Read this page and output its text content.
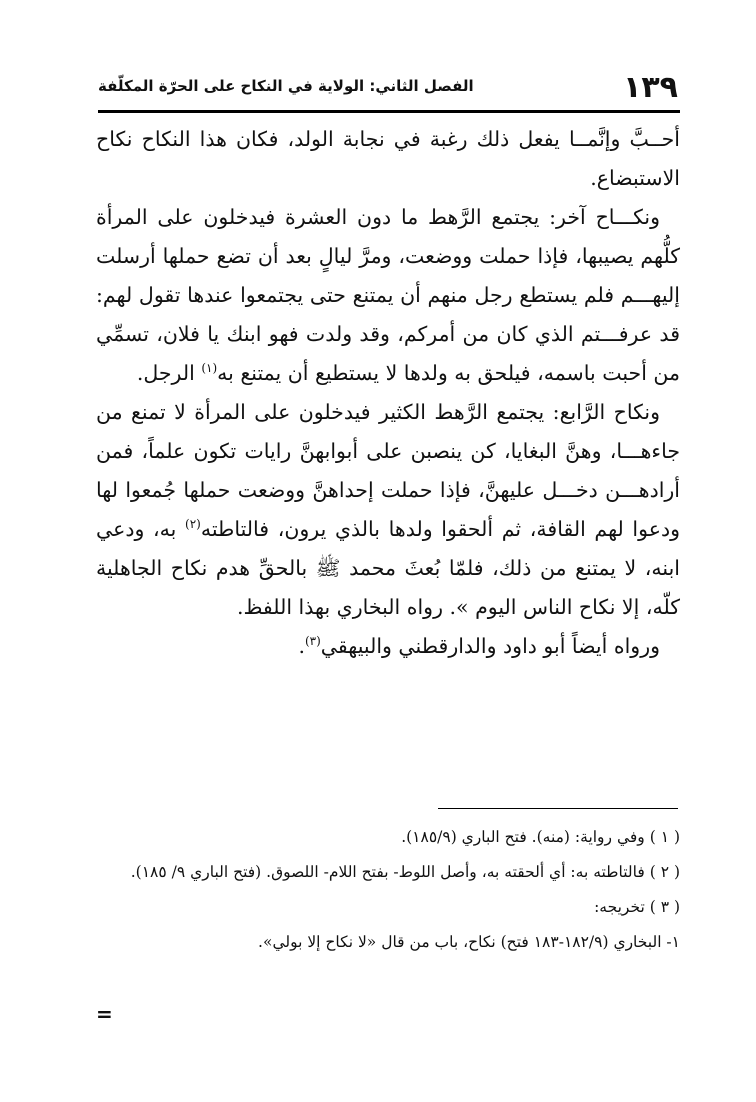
١٣٩
الفصل الثاني: الولاية في النكاح على الحرّة المكلّفة

أحــبَّ وإنَّمــا يفعل ذلك رغبة في نجابة الولد، فكان هذا النكاح نكاح الاستبضاع.

ونكـــاح آخر: يجتمع الرَّهط ما دون العشرة فيدخلون على المرأة كلُّهم يصيبها، فإذا حملت ووضعت، ومرَّ ليالٍ بعد أن تضع حملها أرسلت إليهـــم فلم يستطع رجل منهم أن يمتنع حتى يجتمعوا عندها تقول لهم: قد عرفـــتم الذي كان من أمركم، وقد ولدت فهو ابنك يا فلان، تسمِّي من أحبت باسمه، فيلحق به ولدها لا يستطيع أن يمتنع به$^{(١)}$ الرجل.

ونكاح الرَّابع: يجتمع الرَّهط الكثير فيدخلون على المرأة لا تمنع من جاءهـــا، وهنَّ البغايا، كن ينصبن على أبوابهنَّ رايات تكون علماً، فمن أرادهـــن دخـــل عليهنَّ، فإذا حملت إحداهنَّ ووضعت حملها جُمعوا لها ودعوا لهم القافة، ثم ألحقوا ولدها بالذي يرون، فالتاطته$^{(٢)}$ به، ودعي ابنه، لا يمتنع من ذلك، فلمّا بُعثَ محمد ﷺ بالحقِّ هدم نكاح الجاهلية كلّه، إلا نكاح الناس اليوم ». رواه البخاري بهذا اللفظ.

ورواه أيضاً أبو داود والدارقطني والبيهقي$^{(٣)}$.

( ١ ) وفي رواية: (منه). فتح الباري (١٨٥/٩).

( ٢ ) فالتاطته به: أي ألحقته به، وأصل اللوط- بفتح اللام- اللصوق. (فتح الباري ٩/ ١٨٥).

( ٣ ) تخريجه:

١- البخاري (١٨٢/٩-١٨٣ فتح) نكاح، باب من قال «لا نكاح إلا بولي».

=
